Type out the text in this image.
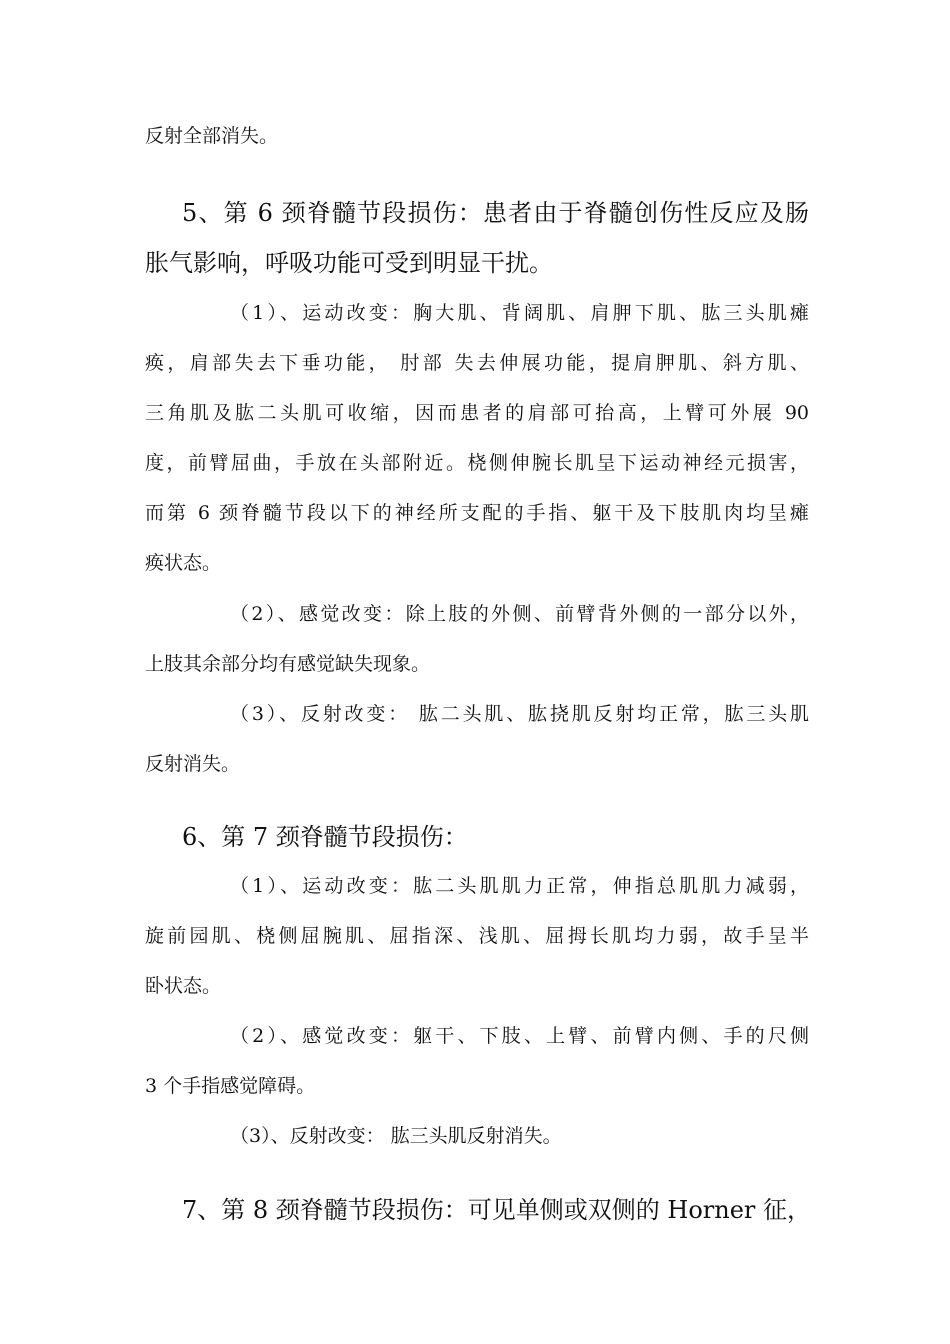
反射全部消失。
5、第 6 颈脊髓节段损伤：患者由于脊髓创伤性反应及肠
胀气影响，呼吸功能可受到明显干扰。
（1）、运动改变：胸大肌、背阔肌、肩胛下肌、肱三头肌瘫
痪，肩部失去下垂功能， 肘部 失去伸展功能，提肩胛肌、斜方肌、
三角肌及肱二头肌可收缩，因而患者的肩部可抬高，上臂可外展 90
度，前臂屈曲，手放在头部附近。桡侧伸腕长肌呈下运动神经元损害，
而第 6 颈脊髓节段以下的神经所支配的手指、躯干及下肢肌肉均呈瘫
痪状态。
（2）、感觉改变：除上肢的外侧、前臂背外侧的一部分以外，
上肢其余部分均有感觉缺失现象。
（3）、反射改变： 肱二头肌、肱挠肌反射均正常，肱三头肌
反射消失。
6、第 7 颈脊髓节段损伤：
（1）、运动改变：肱二头肌肌力正常，伸指总肌肌力减弱，
旋前园肌、桡侧屈腕肌、屈指深、浅肌、屈拇长肌均力弱，故手呈半
卧状态。
（2）、感觉改变：躯干、下肢、上臂、前臂内侧、手的尺侧
3 个手指感觉障碍。
（3）、反射改变： 肱三头肌反射消失。
7、第 8 颈脊髓节段损伤：可见单侧或双侧的 Horner 征，
